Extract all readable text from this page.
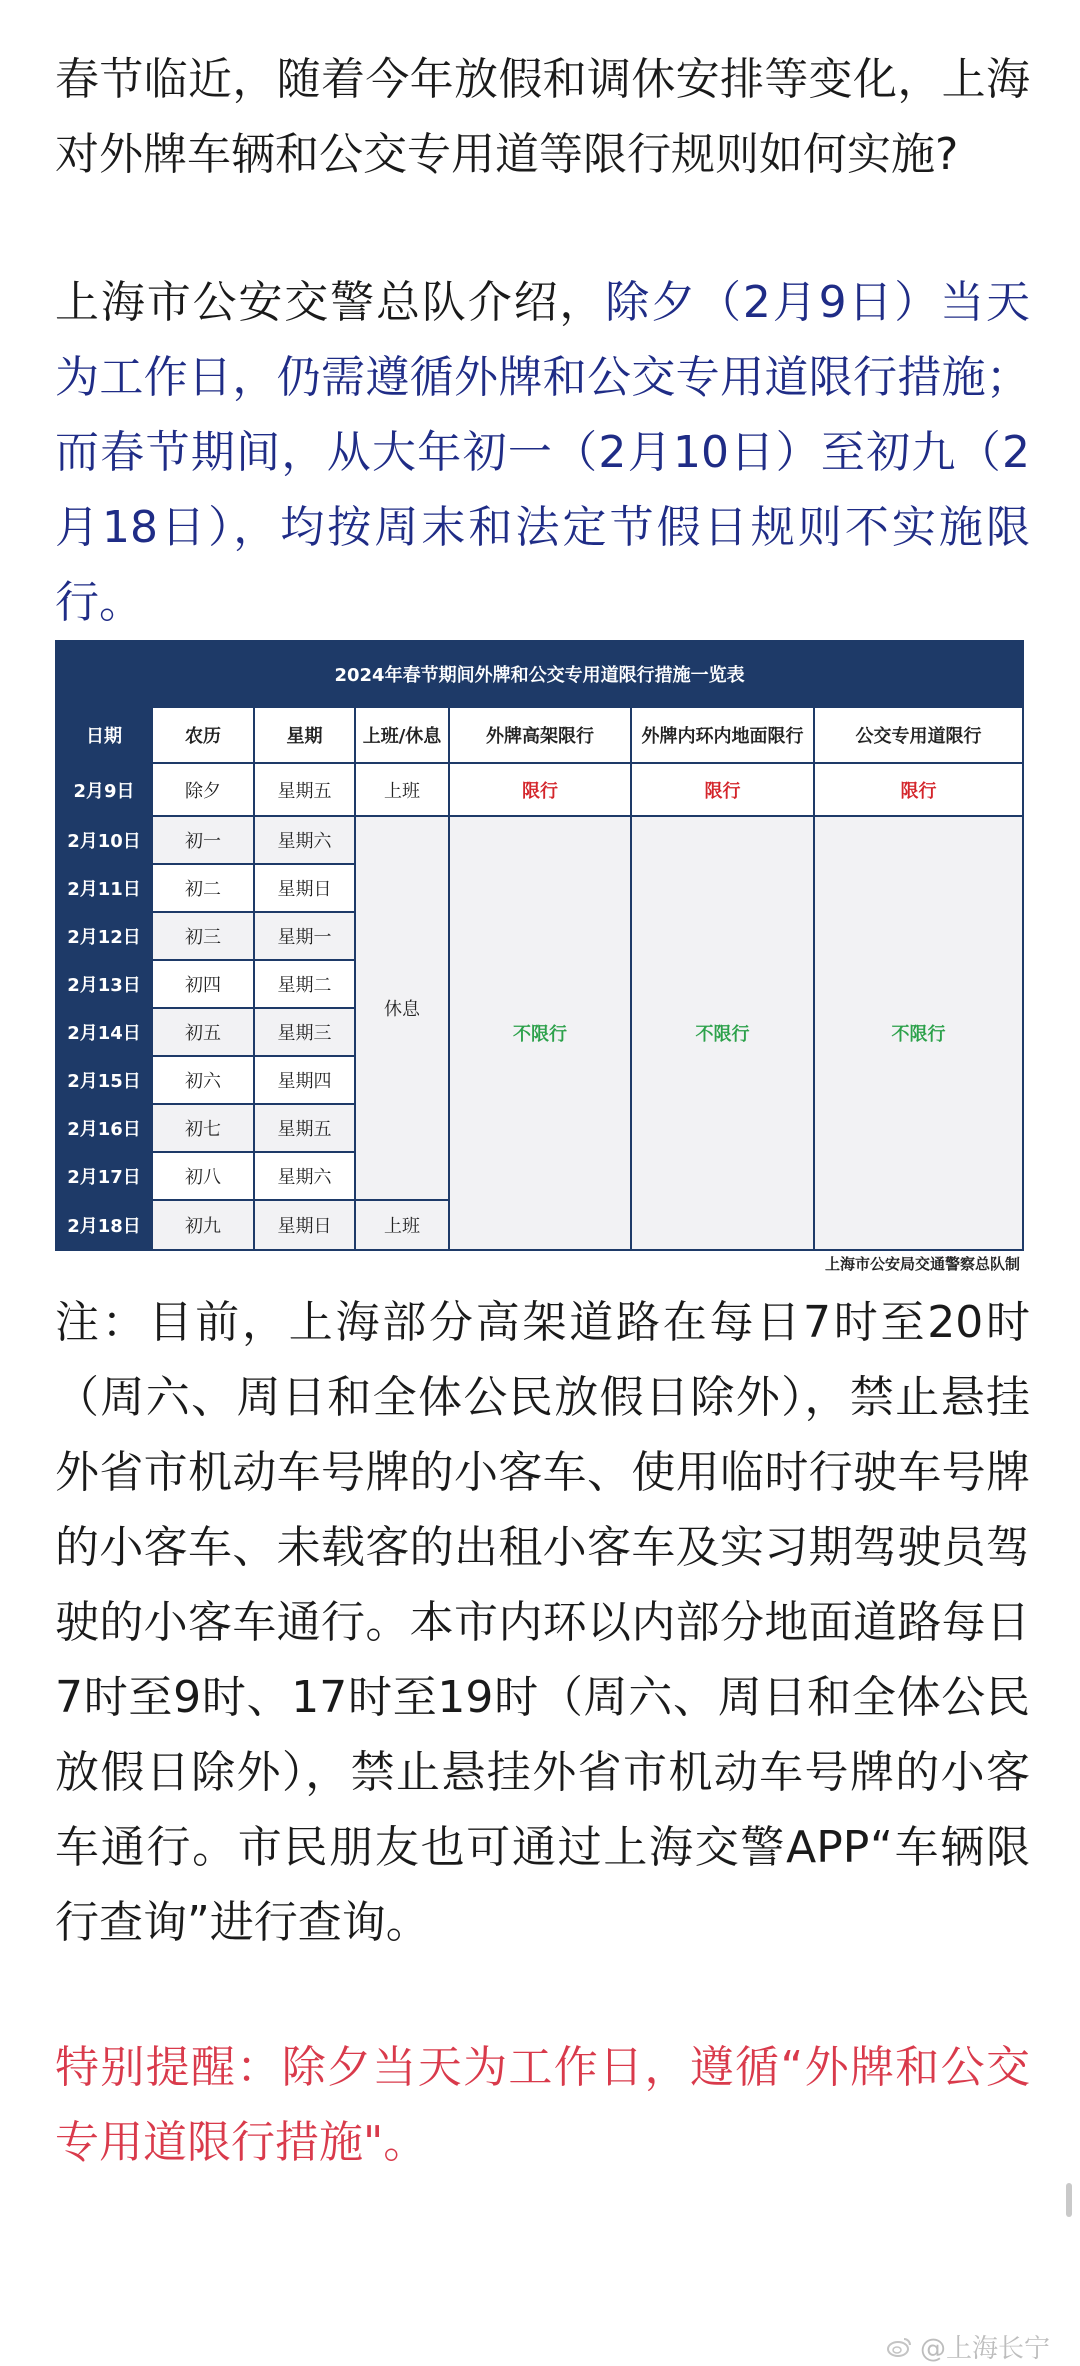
春节临近，随着今年放假和调休安排等变化，上海对外牌车辆和公交专用道等限行规则如何实施?

上海市公安交警总队介绍，除夕（2月9日）当天为工作日，仍需遵循外牌和公交专用道限行措施；而春节期间，从大年初一（2月10日）至初九（2月18日），均按周末和法定节假日规则不实施限行。

2024年春节期间外牌和公交专用道限行措施一览表						
日期	农历	星期	上班/休息	外牌高架限行	外牌内环内地面限行	公交专用道限行
2月9日	除夕	星期五	上班	限行	限行	限行
2月10日	初一	星期六	休息	不限行	不限行	不限行
2月11日	初二	星期日				
2月12日	初三	星期一				
2月13日	初四	星期二				
2月14日	初五	星期三				
2月15日	初六	星期四				
2月16日	初七	星期五				
2月17日	初八	星期六				
2月18日	初九	星期日	上班			
上海市公安局交通警察总队制

注：目前，上海部分高架道路在每日7时至20时（周六、周日和全体公民放假日除外），禁止悬挂外省市机动车号牌的小客车、使用临时行驶车号牌的小客车、未载客的出租小客车及实习期驾驶员驾驶的小客车通行。本市内环以内部分地面道路每日7时至9时、17时至19时（周六、周日和全体公民放假日除外），禁止悬挂外省市机动车号牌的小客车通行。市民朋友也可通过上海交警APP“车辆限行查询”进行查询。

特别提醒：除夕当天为工作日，遵循“外牌和公交专用道限行措施"。

@上海长宁
